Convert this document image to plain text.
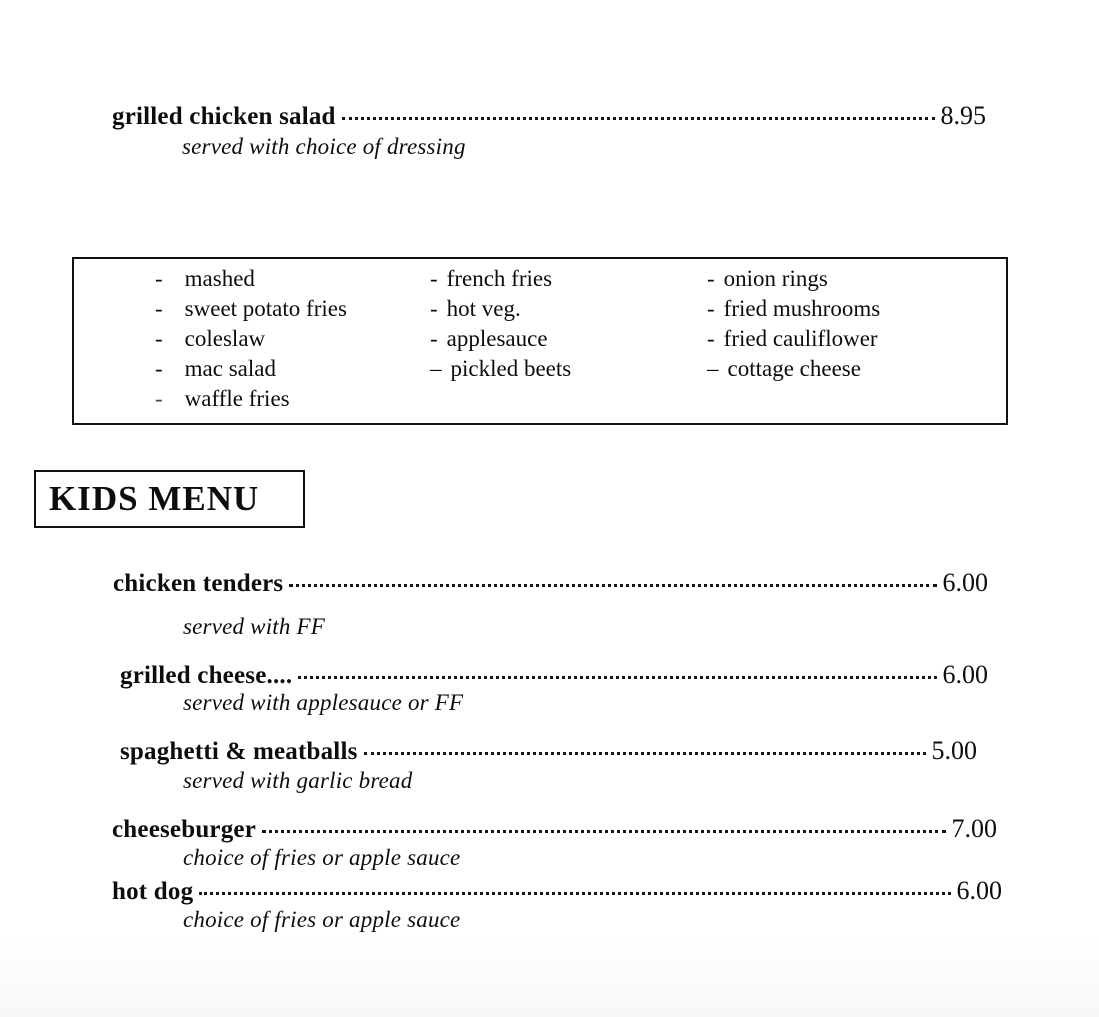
grilled chicken salad	8.95
served with choice of dressing
- mashed
- sweet potato fries
- coleslaw
- mac salad
- waffle fries
- french fries
- hot veg.
- applesauce
– pickled beets
- onion rings
- fried mushrooms
- fried cauliflower
– cottage cheese
KIDS MENU
chicken tenders	6.00
served with FF
grilled cheese....	6.00
served with applesauce or FF
spaghetti & meatballs	5.00
served with garlic bread
cheeseburger	7.00
choice of fries or apple sauce
hot dog	6.00
choice of fries or apple sauce
